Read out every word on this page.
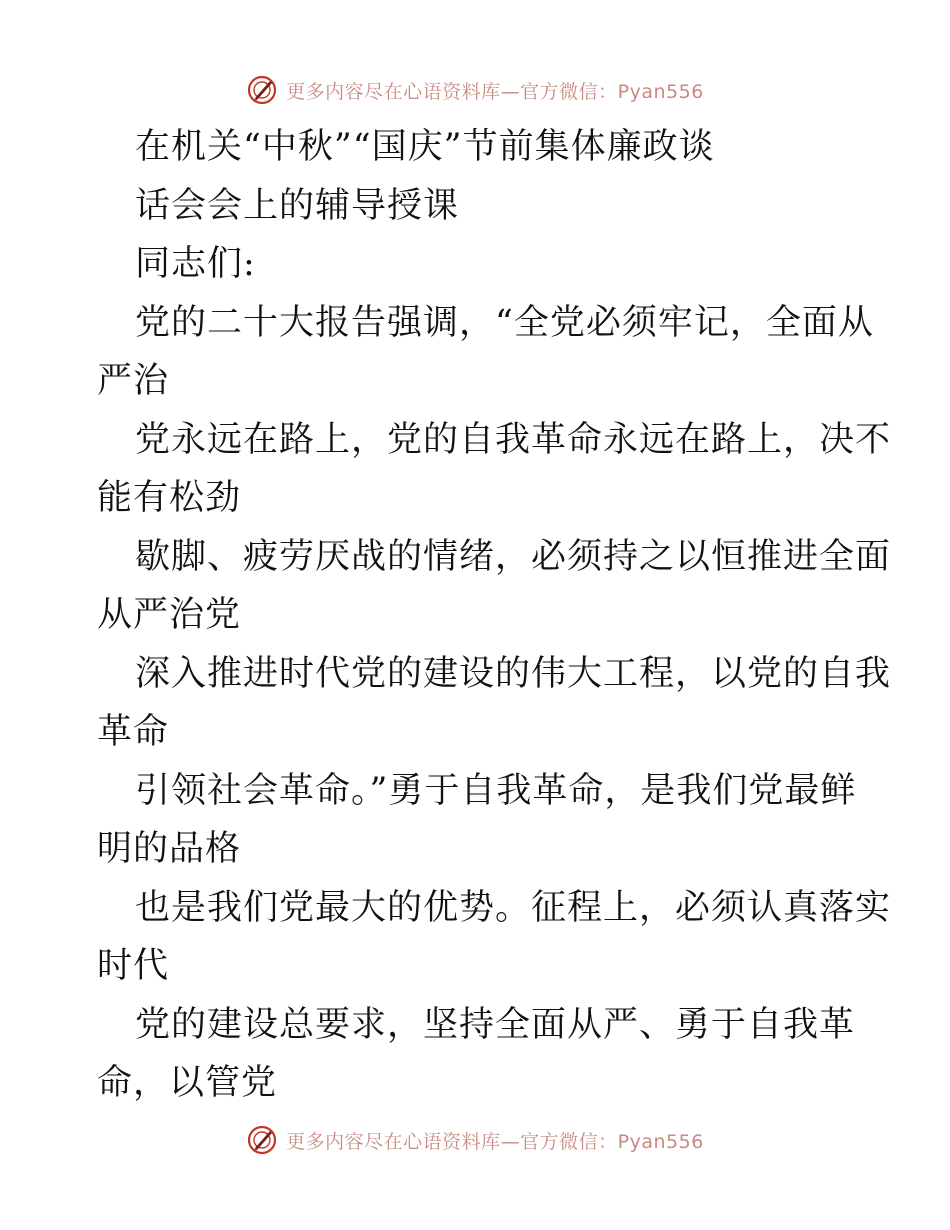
更多内容尽在心语资料库—官方微信：Pyan556
在机关“中秋”“国庆”节前集体廉政谈
话会会上的辅导授课
同志们:
党的二十大报告强调，“全党必须牢记，全面从
严治
党永远在路上，党的自我革命永远在路上，决不
能有松劲
歇脚、疲劳厌战的情绪，必须持之以恒推进全面
从严治党
深入推进时代党的建设的伟大工程，以党的自我
革命
引领社会革命。”勇于自我革命，是我们党最鲜
明的品格
也是我们党最大的优势。征程上，必须认真落实
时代
党的建设总要求，坚持全面从严、勇于自我革
命，以管党
更多内容尽在心语资料库—官方微信：Pyan556
